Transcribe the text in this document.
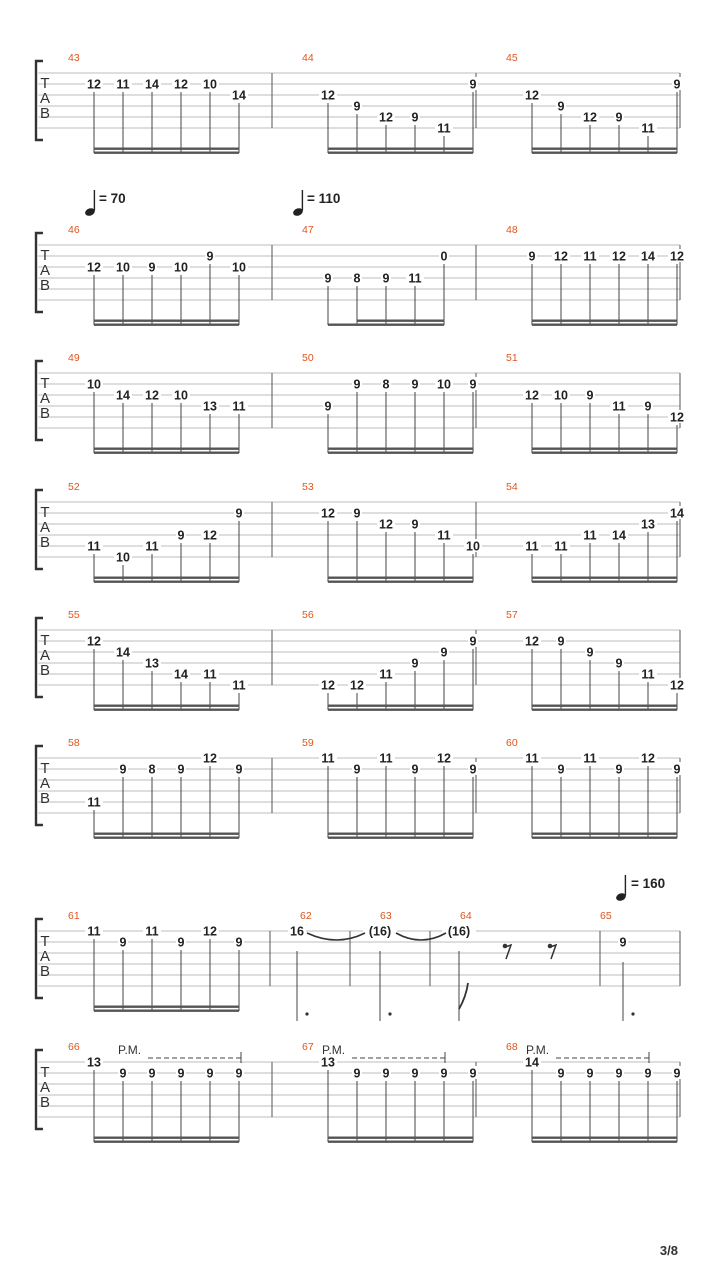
T
A
B
43
12 11 14 12 10
14
44
12
9
12 9
11
9
45
12
9
12 9
11
9
T
A
B
46
12 10 9 10
9
10
47
9 8 9 11
0
48
9 12 11 12 14 12
= 70	= 110
T
A
B
49
10
14 12 10
13 11
50
9
9 8 9 10 9
51
12 10 9
11 9
12
T
A
B
52
11
10
11
9 12
9
53
12 9
12 9
11
10
54
11 11
11 14
13
14
T
A
B
55
12
14
13
14 11
11
56
12 12
11
9
9
9
57
12 9
9
9
11
12
T
A
B
58
11
9 8 9
12
9
59
11
9
11
9
12
9
60
11
9
11
9
12
9
T
A
B
61
11
9
11
9
12
9
62
16
63
(16)
64
(16)
65
9
= 160
T
A
B
66
13
9 9 9 9 9
67
13
9 9 9 9 9
68
14
9 9 9 9 9
P.M.	P.M.	P.M.
3/8
